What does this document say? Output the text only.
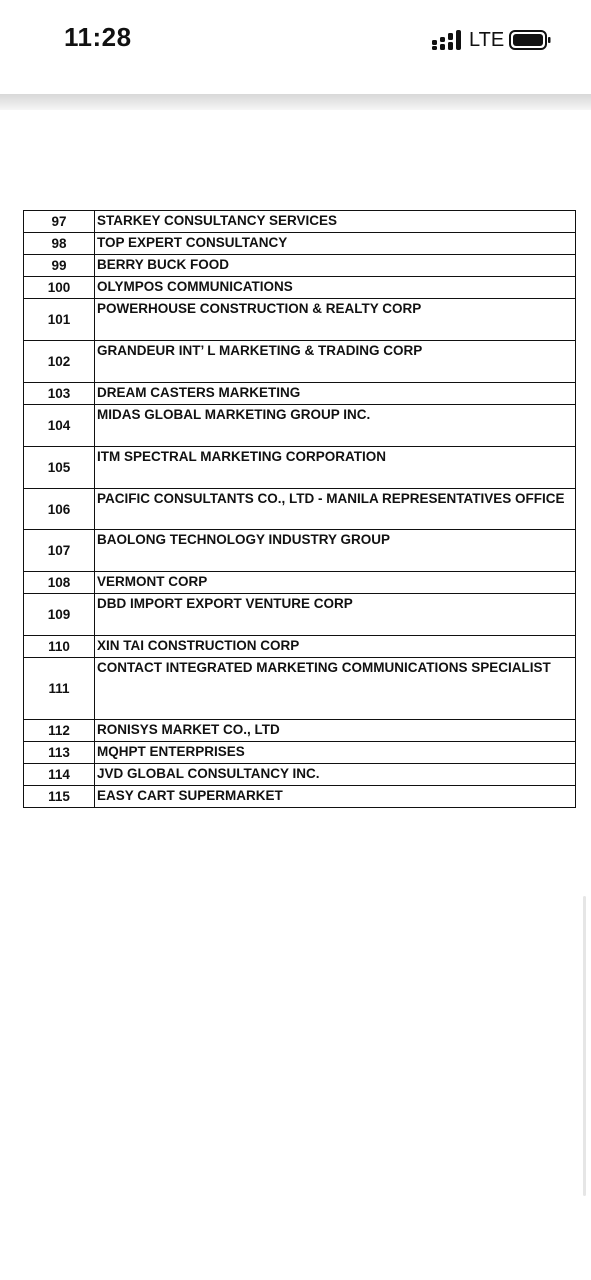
11:28	LTE
97	STARKEY CONSULTANCY SERVICES
98	TOP EXPERT CONSULTANCY
99	BERRY BUCK FOOD
100	OLYMPOS COMMUNICATIONS
101	POWERHOUSE CONSTRUCTION & REALTY CORP
102	GRANDEUR INT’ L MARKETING & TRADING CORP
103	DREAM CASTERS MARKETING
104	MIDAS GLOBAL MARKETING GROUP INC.
105	ITM SPECTRAL MARKETING CORPORATION
106	PACIFIC CONSULTANTS CO., LTD - MANILA REPRESENTATIVES OFFICE
107	BAOLONG TECHNOLOGY INDUSTRY GROUP
108	VERMONT CORP
109	DBD IMPORT EXPORT VENTURE CORP
110	XIN TAI CONSTRUCTION CORP
111	CONTACT INTEGRATED MARKETING COMMUNICATIONS SPECIALIST
112	RONISYS MARKET CO., LTD
113	MQHPT ENTERPRISES
114	JVD GLOBAL CONSULTANCY INC.
115	EASY CART SUPERMARKET
